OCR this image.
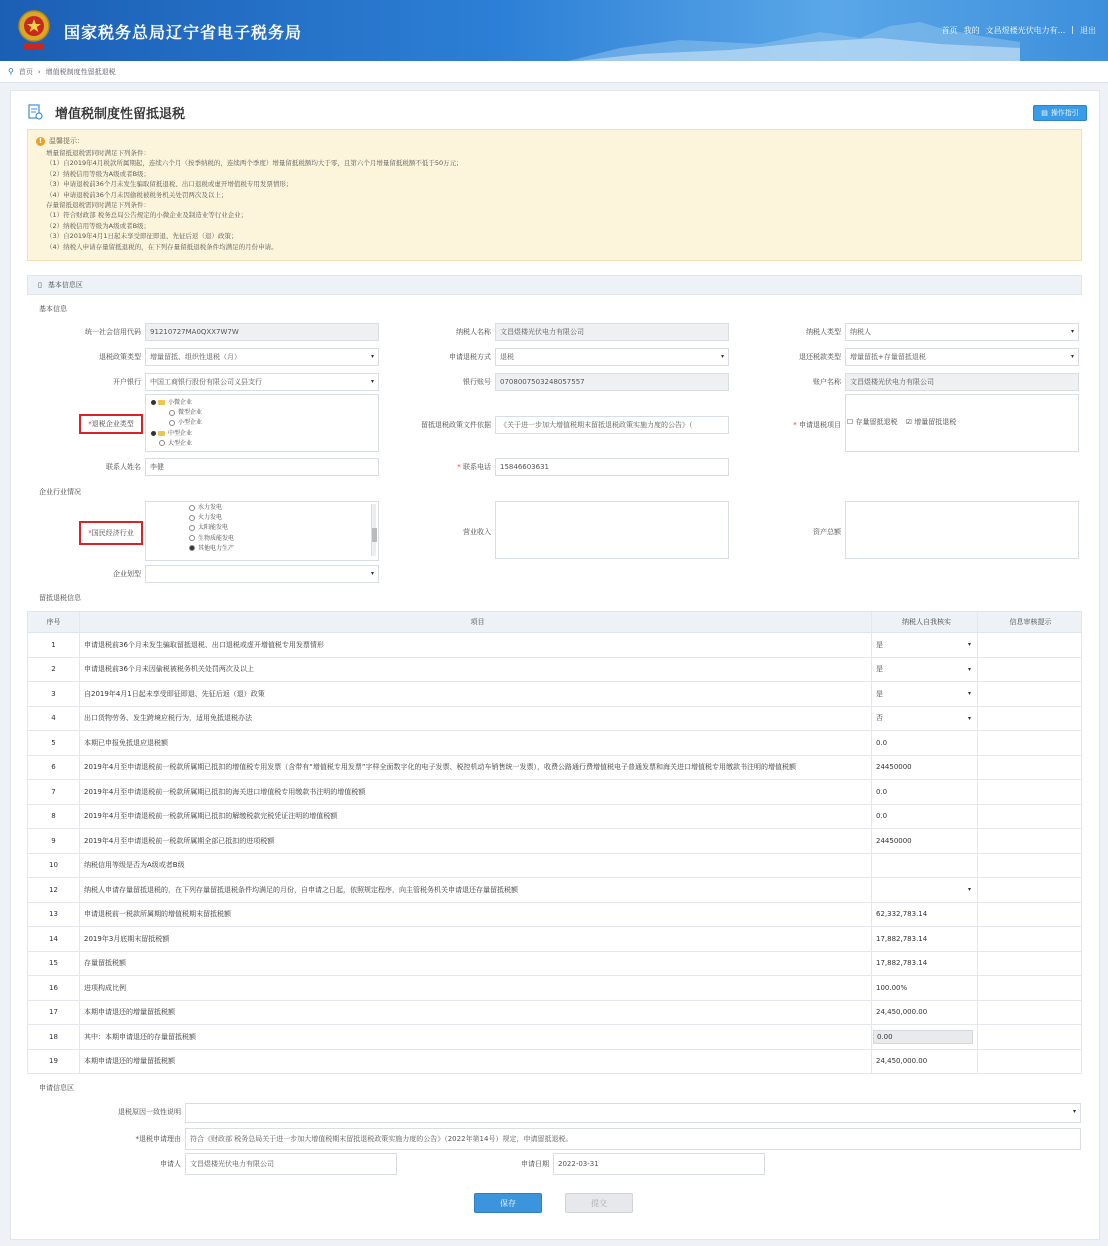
国家税务总局辽宁省电子税务局	首页 我的 文昌煜楼光伏电力有... | 退出
⚲ 首页 › 增值税制度性留抵退税
增值税制度性留抵退税	▤ 操作指引
! 温馨提示：
增量留抵退税需同时满足下列条件：
（1）自2019年4月税款所属期起，连续六个月（按季纳税的，连续两个季度）增量留抵税额均大于零，且第六个月增量留抵税额不低于50万元；
（2）纳税信用等级为A级或者B级；
（3）申请退税前36个月未发生骗取留抵退税、出口退税或虚开增值税专用发票情形；
（4）申请退税前36个月未因偷税被税务机关处罚两次及以上；
存量留抵退税需同时满足下列条件：
（1）符合财政部 税务总局公告规定的小微企业及制造业等行业企业；
（2）纳税信用等级为A级或者B级；
（3）自2019年4月1日起未享受即征即退、先征后返（退）政策；
（4）纳税人申请存量留抵退税的，在下列存量留抵退税条件均满足的月份申请。
▯ 基本信息区
基本信息
统一社会信用代码	91210727MA0QXX7W7W	纳税人名称	文昌煜楼光伏电力有限公司	纳税人类型 纳税人	▾
退税政策类型 增量留抵、组织性退税（月）	▾	申请退税方式 退税	▾	退还税款类型 增量留抵+存量留抵退税	▾
开户银行 中国工商银行股份有限公司义县支行	▾	银行账号	0708007503248057557	账户名称	文昌煜楼光伏电力有限公司
* 退税企业类型
小微企业
微型企业
小型企业
中型企业
大型企业
留抵退税政策文件依据	《关于进一步加大增值税期末留抵退税政策实施力度的公告》（	* 申请退税项目 ☐ 存量留抵退税 ☑ 增量留抵退税
联系人姓名	李健	* 联系电话	15846603631
企业行业情况
* 国民经济行业
水力发电
火力发电
太阳能发电
生物质能发电
其他电力生产
营业收入	资产总额
企业划型	▾
留抵退税信息
序号	项目	纳税人自我核实	信息审核提示
1	申请退税前36个月未发生骗取留抵退税、出口退税或虚开增值税专用发票情形	是	▾
2	申请退税前36个月未因偷税被税务机关处罚两次及以上	是	▾
3	自2019年4月1日起未享受即征即退、先征后返（退）政策	是	▾
4	出口货物劳务、发生跨境应税行为，适用免抵退税办法	否	▾
5	本期已申报免抵退应退税额	0.0
6	2019年4月至申请退税前一税款所属期已抵扣的增值税专用发票（含带有“增值税专用发票”字样全面数字化的电子发票、税控机动车销售统一发票），收费公路通行费增值税电子普通发票和海关进口增值税专用缴款书注明的增值税额	24450000
7	2019年4月至申请退税前一税款所属期已抵扣的海关进口增值税专用缴款书注明的增值税额	0.0
8	2019年4月至申请退税前一税款所属期已抵扣的解缴税款完税凭证注明的增值税额	0.0
9	2019年4月至申请退税前一税款所属期全部已抵扣的进项税额	24450000
10	纳税信用等级是否为A级或者B级
12	纳税人申请存量留抵退税的，在下列存量留抵退税条件均满足的月份，自申请之日起，依照规定程序，向主管税务机关申请退还存量留抵税额	▾
13	申请退税前一税款所属期的增值税期末留抵税额	62,332,783.14
14	2019年3月底期末留抵税额	17,882,783.14
15	存量留抵税额	17,882,783.14
16	进项构成比例	100.00%
17	本期申请退还的增量留抵税额	24,450,000.00
18	其中：本期申请退还的存量留抵税额	0.00
19	本期申请退还的增量留抵税额	24,450,000.00
申请信息区
退税原因一致性说明	▾
*退税申请理由	符合《财政部 税务总局关于进一步加大增值税期末留抵退税政策实施力度的公告》（2022年第14号）规定，申请留抵退税。
申请人	文昌煜楼光伏电力有限公司	申请日期	2022-03-31
保存	提交
